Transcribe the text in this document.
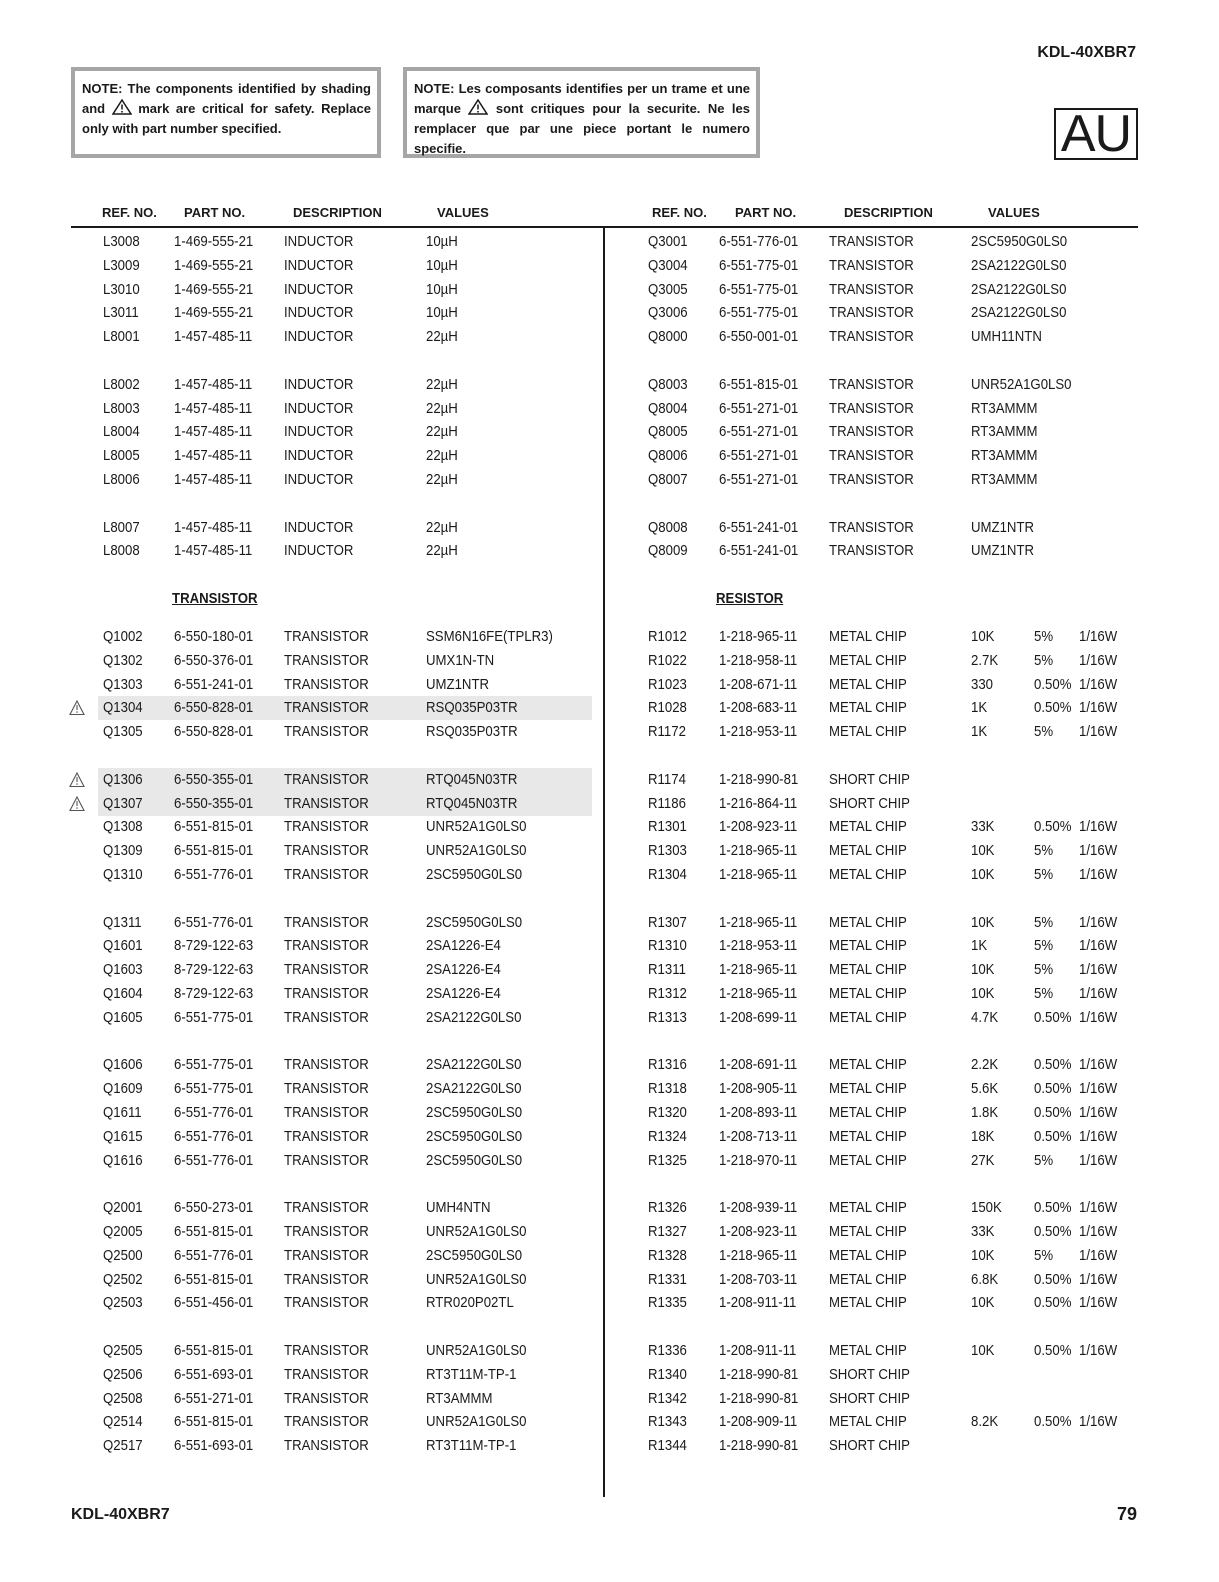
KDL-40XBR7
NOTE: The components identified by shading and	mark are critical for safety. Replace only with part number specified.
NOTE: Les composants identifies per un trame et une marque	sont critiques pour la securite. Ne les remplacer que par une piece portant le numero specifie.	AU
REF. NO. PART NO.	DESCRIPTION	VALUES	REF. NO. PART NO.	DESCRIPTION	VALUES
TRANSISTOR	RESISTOR
L3008 1-469-555-21 INDUCTOR	10µH
L3009 1-469-555-21 INDUCTOR	10µH
L3010 1-469-555-21 INDUCTOR	10µH
L3011 1-469-555-21 INDUCTOR	10µH
L8001 1-457-485-11 INDUCTOR	22µH
L8002 1-457-485-11 INDUCTOR	22µH
L8003 1-457-485-11 INDUCTOR	22µH
L8004 1-457-485-11 INDUCTOR	22µH
L8005 1-457-485-11 INDUCTOR	22µH
L8006 1-457-485-11 INDUCTOR	22µH
L8007 1-457-485-11 INDUCTOR	22µH
L8008 1-457-485-11 INDUCTOR	22µH
Q1002 6-550-180-01 TRANSISTOR	SSM6N16FE(TPLR3)
Q1302 6-550-376-01 TRANSISTOR	UMX1N-TN
Q1303 6-551-241-01 TRANSISTOR	UMZ1NTR
Q1304 6-550-828-01 TRANSISTOR	RSQ035P03TR
Q1305 6-550-828-01 TRANSISTOR	RSQ035P03TR
Q1306 6-550-355-01 TRANSISTOR	RTQ045N03TR
Q1307 6-550-355-01 TRANSISTOR	RTQ045N03TR
Q1308 6-551-815-01 TRANSISTOR	UNR52A1G0LS0
Q1309 6-551-815-01 TRANSISTOR	UNR52A1G0LS0
Q1310 6-551-776-01 TRANSISTOR	2SC5950G0LS0
Q1311 6-551-776-01 TRANSISTOR	2SC5950G0LS0
Q1601 8-729-122-63 TRANSISTOR	2SA1226-E4
Q1603 8-729-122-63 TRANSISTOR	2SA1226-E4
Q1604 8-729-122-63 TRANSISTOR	2SA1226-E4
Q1605 6-551-775-01 TRANSISTOR	2SA2122G0LS0
Q1606 6-551-775-01 TRANSISTOR	2SA2122G0LS0
Q1609 6-551-775-01 TRANSISTOR	2SA2122G0LS0
Q1611 6-551-776-01 TRANSISTOR	2SC5950G0LS0
Q1615 6-551-776-01 TRANSISTOR	2SC5950G0LS0
Q1616 6-551-776-01 TRANSISTOR	2SC5950G0LS0
Q2001 6-550-273-01 TRANSISTOR	UMH4NTN
Q2005 6-551-815-01 TRANSISTOR	UNR52A1G0LS0
Q2500 6-551-776-01 TRANSISTOR	2SC5950G0LS0
Q2502 6-551-815-01 TRANSISTOR	UNR52A1G0LS0
Q2503 6-551-456-01 TRANSISTOR	RTR020P02TL
Q2505 6-551-815-01 TRANSISTOR	UNR52A1G0LS0
Q2506 6-551-693-01 TRANSISTOR	RT3T11M-TP-1
Q2508 6-551-271-01 TRANSISTOR	RT3AMMM
Q2514 6-551-815-01 TRANSISTOR	UNR52A1G0LS0
Q2517 6-551-693-01 TRANSISTOR	RT3T11M-TP-1
Q3001 6-551-776-01 TRANSISTOR	2SC5950G0LS0
Q3004 6-551-775-01 TRANSISTOR	2SA2122G0LS0
Q3005 6-551-775-01 TRANSISTOR	2SA2122G0LS0
Q3006 6-551-775-01 TRANSISTOR	2SA2122G0LS0
Q8000 6-550-001-01 TRANSISTOR	UMH11NTN
Q8003 6-551-815-01 TRANSISTOR	UNR52A1G0LS0
Q8004 6-551-271-01 TRANSISTOR	RT3AMMM
Q8005 6-551-271-01 TRANSISTOR	RT3AMMM
Q8006 6-551-271-01 TRANSISTOR	RT3AMMM
Q8007 6-551-271-01 TRANSISTOR	RT3AMMM
Q8008 6-551-241-01 TRANSISTOR	UMZ1NTR
Q8009 6-551-241-01 TRANSISTOR	UMZ1NTR
R1012 1-218-965-11 METAL CHIP	10K	5% 1/16W
R1022 1-218-958-11 METAL CHIP	2.7K 5% 1/16W
R1023 1-208-671-11 METAL CHIP	330	0.50% 1/16W
R1028 1-208-683-11 METAL CHIP	1K	0.50% 1/16W
R1172 1-218-953-11 METAL CHIP	1K	5% 1/16W
R1174 1-218-990-81 SHORT CHIP
R1186 1-216-864-11 SHORT CHIP
R1301 1-208-923-11 METAL CHIP	33K	0.50% 1/16W
R1303 1-218-965-11 METAL CHIP	10K	5% 1/16W
R1304 1-218-965-11 METAL CHIP	10K	5% 1/16W
R1307 1-218-965-11 METAL CHIP	10K	5% 1/16W
R1310 1-218-953-11 METAL CHIP	1K	5% 1/16W
R1311 1-218-965-11 METAL CHIP	10K	5% 1/16W
R1312 1-218-965-11 METAL CHIP	10K	5% 1/16W
R1313 1-208-699-11 METAL CHIP	4.7K 0.50% 1/16W
R1316 1-208-691-11 METAL CHIP	2.2K 0.50% 1/16W
R1318 1-208-905-11 METAL CHIP	5.6K 0.50% 1/16W
R1320 1-208-893-11 METAL CHIP	1.8K 0.50% 1/16W
R1324 1-208-713-11 METAL CHIP	18K	0.50% 1/16W
R1325 1-218-970-11 METAL CHIP	27K	5% 1/16W
R1326 1-208-939-11 METAL CHIP	150K 0.50% 1/16W
R1327 1-208-923-11 METAL CHIP	33K	0.50% 1/16W
R1328 1-218-965-11 METAL CHIP	10K	5% 1/16W
R1331 1-208-703-11 METAL CHIP	6.8K 0.50% 1/16W
R1335 1-208-911-11 METAL CHIP	10K	0.50% 1/16W
R1336 1-208-911-11 METAL CHIP	10K	0.50% 1/16W
R1340 1-218-990-81 SHORT CHIP
R1342 1-218-990-81 SHORT CHIP
R1343 1-208-909-11 METAL CHIP	8.2K 0.50% 1/16W
R1344 1-218-990-81 SHORT CHIP
KDL-40XBR7	79
